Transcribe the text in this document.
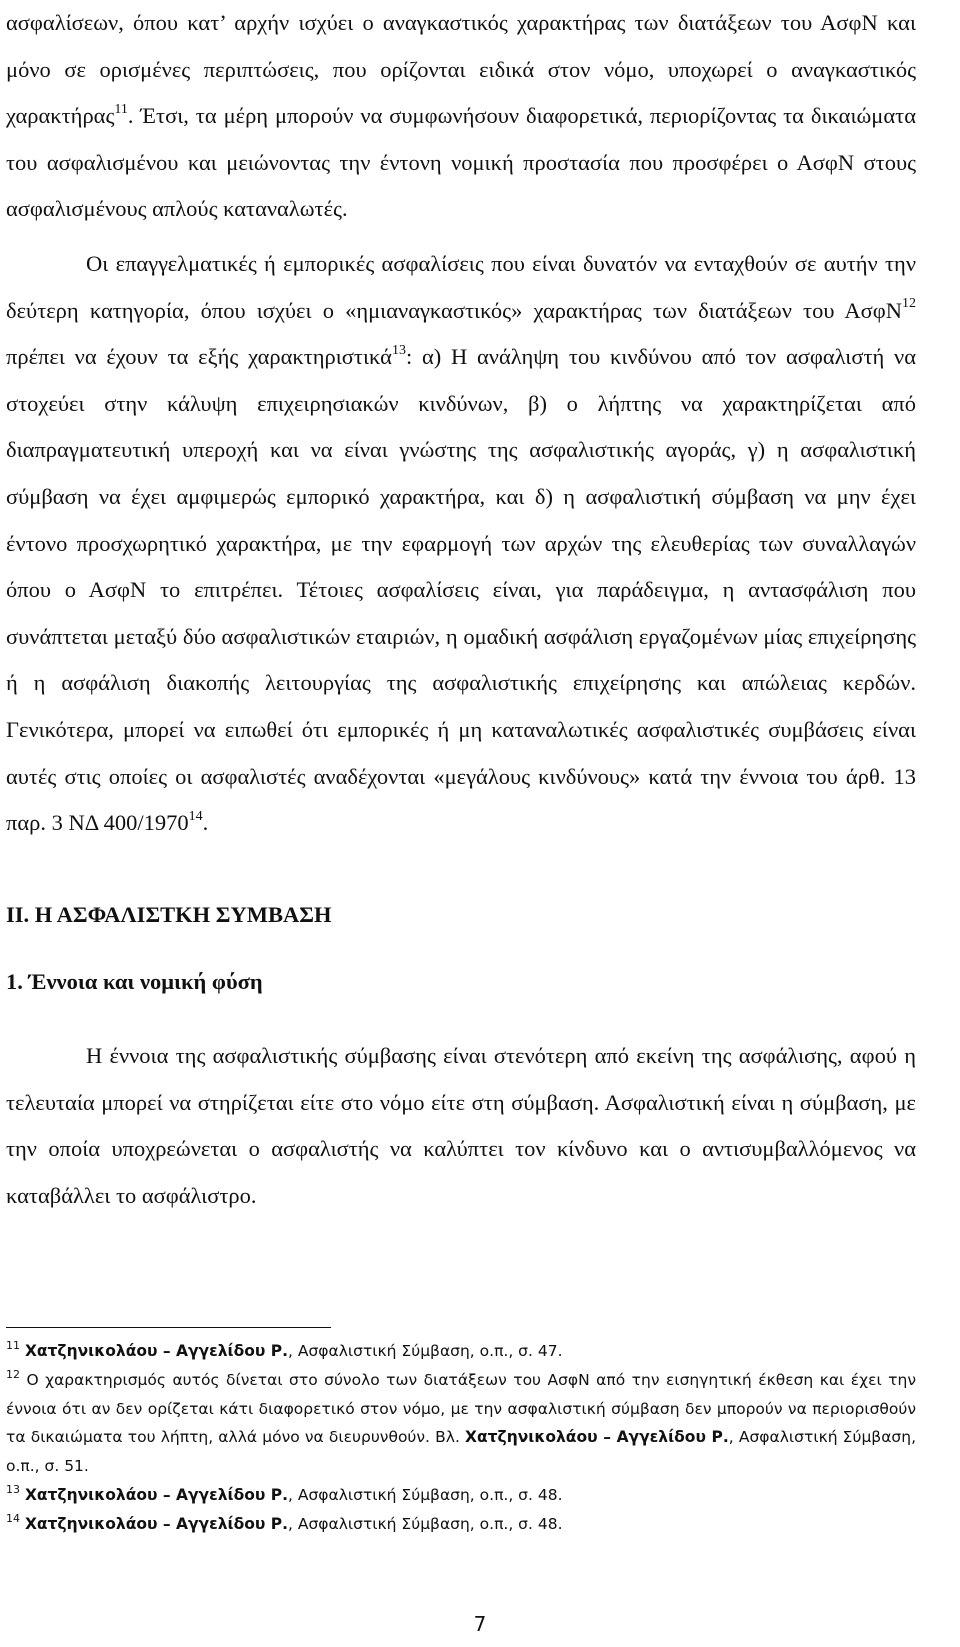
ασφαλίσεων, όπου κατ’ αρχήν ισχύει ο αναγκαστικός χαρακτήρας των διατάξεων του ΑσφΝ και μόνο σε ορισμένες περιπτώσεις, που ορίζονται ειδικά στον νόμο, υποχωρεί ο αναγκαστικός χαρακτήρας$^{11}$. Έτσι, τα μέρη μπορούν να συμφωνήσουν διαφορετικά, περιορίζοντας τα δικαιώματα του ασφαλισμένου και μειώνοντας την έντονη νομική προστασία που προσφέρει ο ΑσφΝ στους ασφαλισμένους απλούς καταναλωτές.

Οι επαγγελματικές ή εμπορικές ασφαλίσεις που είναι δυνατόν να ενταχθούν σε αυτήν την δεύτερη κατηγορία, όπου ισχύει ο «ημιαναγκαστικός» χαρακτήρας των διατάξεων του ΑσφΝ$^{12}$ πρέπει να έχουν τα εξής χαρακτηριστικά$^{13}$: α) Η ανάληψη του κινδύνου από τον ασφαλιστή να στοχεύει στην κάλυψη επιχειρησιακών κινδύνων, β) ο λήπτης να χαρακτηρίζεται από διαπραγματευτική υπεροχή και να είναι γνώστης της ασφαλιστικής αγοράς, γ) η ασφαλιστική σύμβαση να έχει αμφιμερώς εμπορικό χαρακτήρα, και δ) η ασφαλιστική σύμβαση να μην έχει έντονο προσχωρητικό χαρακτήρα, με την εφαρμογή των αρχών της ελευθερίας των συναλλαγών όπου ο ΑσφΝ το επιτρέπει. Τέτοιες ασφαλίσεις είναι, για παράδειγμα, η αντασφάλιση που συνάπτεται μεταξύ δύο ασφαλιστικών εταιριών, η ομαδική ασφάλιση εργαζομένων μίας επιχείρησης ή η ασφάλιση διακοπής λειτουργίας της ασφαλιστικής επιχείρησης και απώλειας κερδών. Γενικότερα, μπορεί να ειπωθεί ότι εμπορικές ή μη καταναλωτικές ασφαλιστικές συμβάσεις είναι αυτές στις οποίες οι ασφαλιστές αναδέχονται «μεγάλους κινδύνους» κατά την έννοια του άρθ. 13 παρ. 3 ΝΔ 400/1970$^{14}$.

ΙΙ. Η ΑΣΦΑΛΙΣΤΚΗ ΣΥΜΒΑΣΗ
1. Έννοια και νομική φύση

Η έννοια της ασφαλιστικής σύμβασης είναι στενότερη από εκείνη της ασφάλισης, αφού η τελευταία μπορεί να στηρίζεται είτε στο νόμο είτε στη σύμβαση. Ασφαλιστική είναι η σύμβαση, με την οποία υποχρεώνεται ο ασφαλιστής να καλύπτει τον κίνδυνο και ο αντισυμβαλλόμενος να καταβάλλει το ασφάλιστρο.

$^{11}$ Χατζηνικολάου – Αγγελίδου Ρ., Ασφαλιστική Σύμβαση, ο.π., σ. 47.

$^{12}$ Ο χαρακτηρισμός αυτός δίνεται στο σύνολο των διατάξεων του ΑσφΝ από την εισηγητική έκθεση και έχει την έννοια ότι αν δεν ορίζεται κάτι διαφορετικό στον νόμο, με την ασφαλιστική σύμβαση δεν μπορούν να περιορισθούν τα δικαιώματα του λήπτη, αλλά μόνο να διευρυνθούν. Βλ. Χατζηνικολάου – Αγγελίδου Ρ., Ασφαλιστική Σύμβαση, ο.π., σ. 51.

$^{13}$ Χατζηνικολάου – Αγγελίδου Ρ., Ασφαλιστική Σύμβαση, ο.π., σ. 48.

$^{14}$ Χατζηνικολάου – Αγγελίδου Ρ., Ασφαλιστική Σύμβαση, ο.π., σ. 48.

7
